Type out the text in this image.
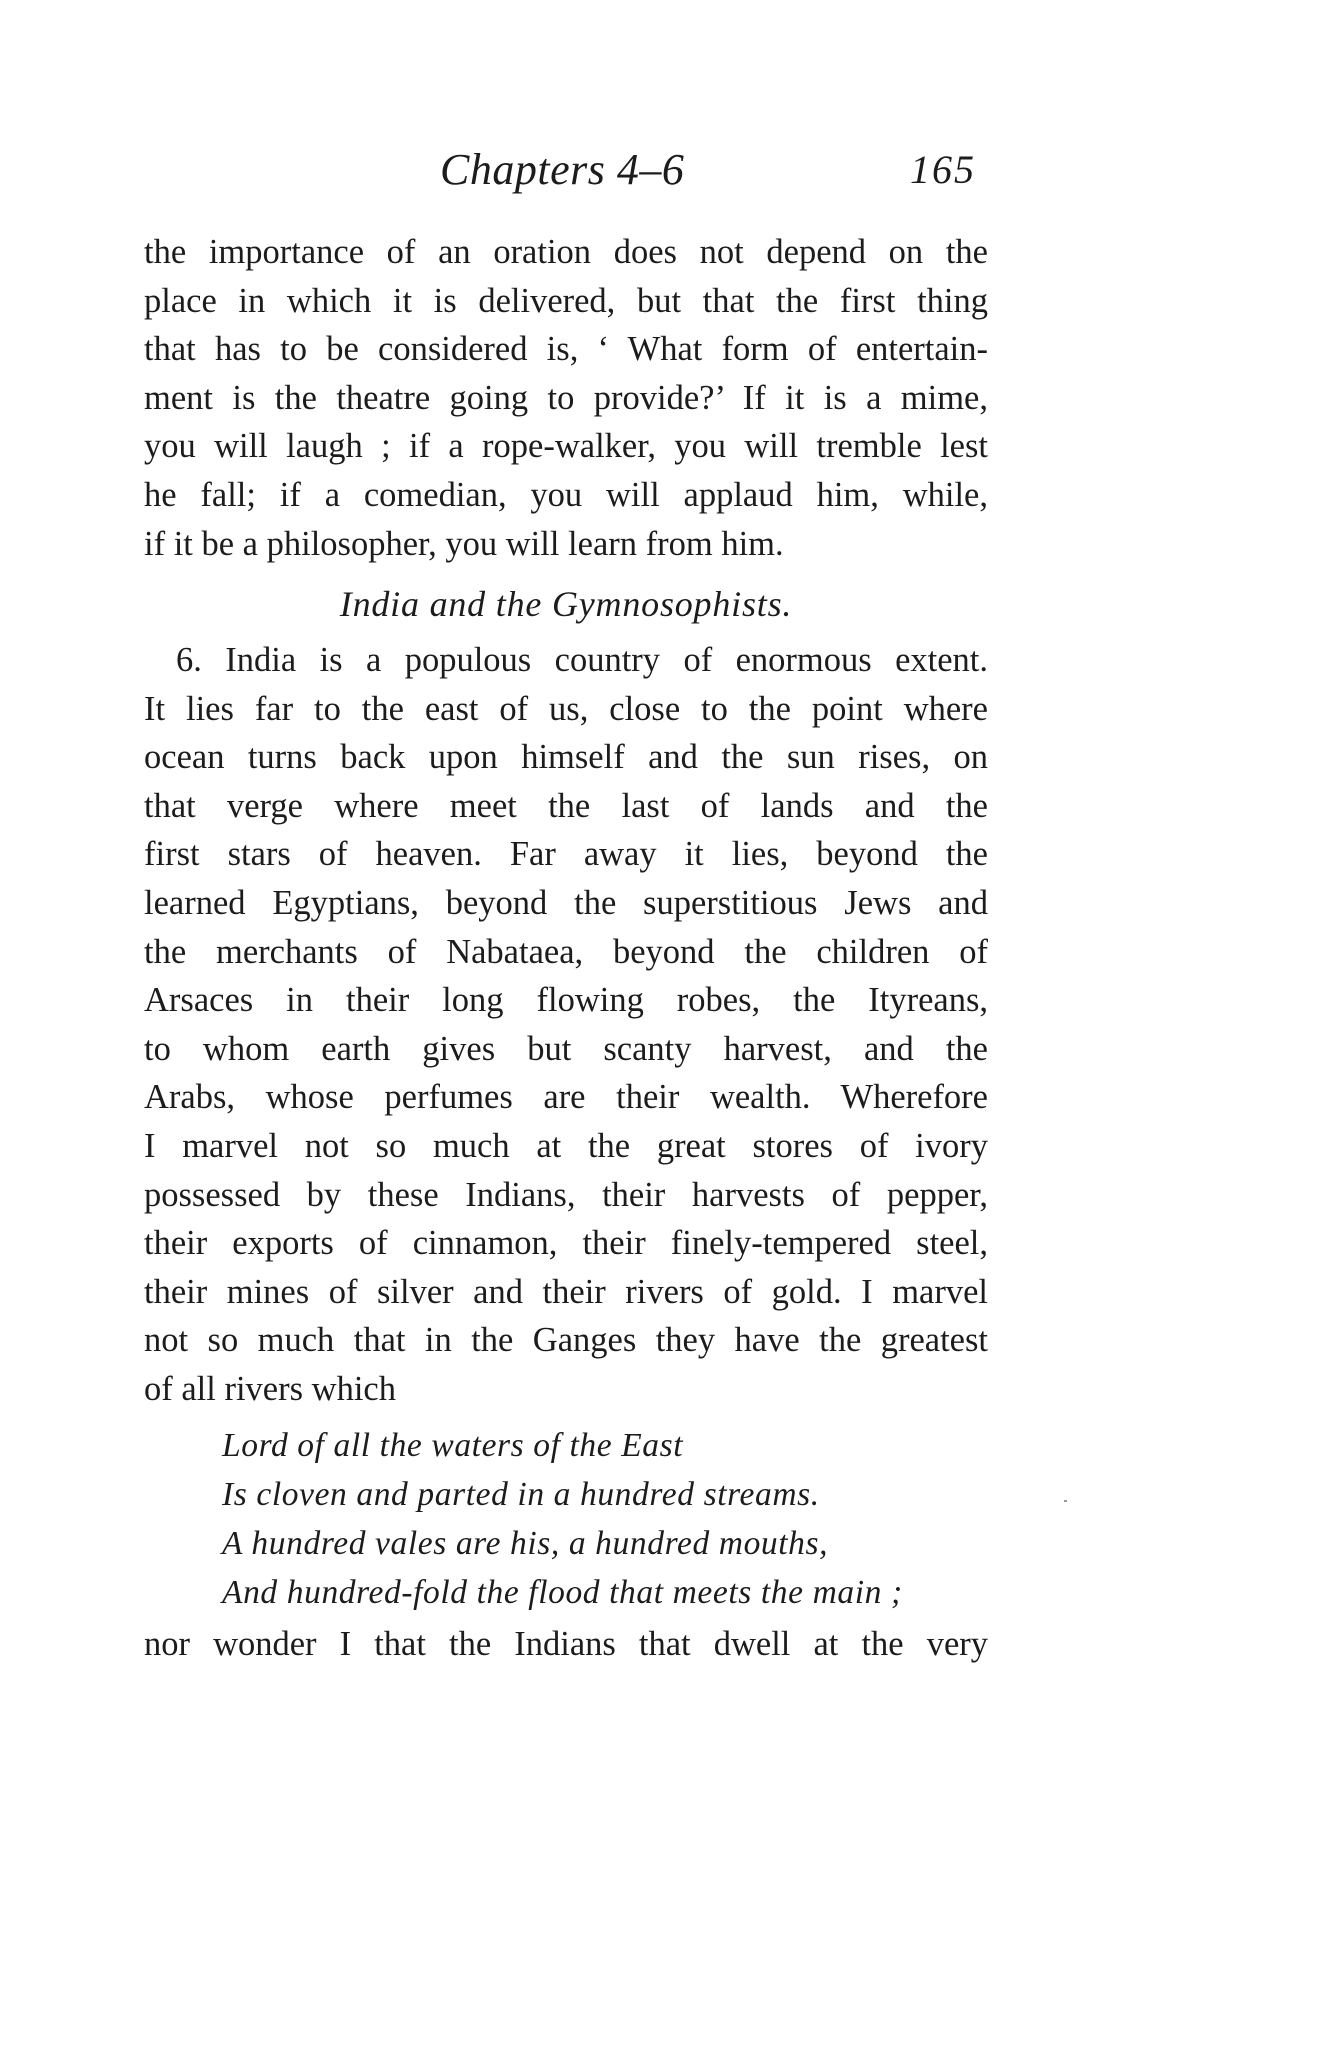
Chapters 4–6	165
the importance of an oration does not depend on the
place in which it is delivered, but that the first thing
that has to be considered is, ‘ What form of entertain-
ment is the theatre going to provide?’ If it is a mime,
you will laugh ; if a rope-walker, you will tremble lest
he fall; if a comedian, you will applaud him, while,
if it be a philosopher, you will learn from him.
India and the Gymnosophists.
6. India is a populous country of enormous extent.
It lies far to the east of us, close to the point where
ocean turns back upon himself and the sun rises, on
that verge where meet the last of lands and the
first stars of heaven. Far away it lies, beyond the
learned Egyptians, beyond the superstitious Jews and
the merchants of Nabataea, beyond the children of
Arsaces in their long flowing robes, the Ityreans,
to whom earth gives but scanty harvest, and the
Arabs, whose perfumes are their wealth. Wherefore
I marvel not so much at the great stores of ivory
possessed by these Indians, their harvests of pepper,
their exports of cinnamon, their finely-tempered steel,
their mines of silver and their rivers of gold. I marvel
not so much that in the Ganges they have the greatest
of all rivers which
Lord of all the waters of the East
Is cloven and parted in a hundred streams.
A hundred vales are his, a hundred mouths,
And hundred-fold the flood that meets the main ;
nor wonder I that the Indians that dwell at the very
